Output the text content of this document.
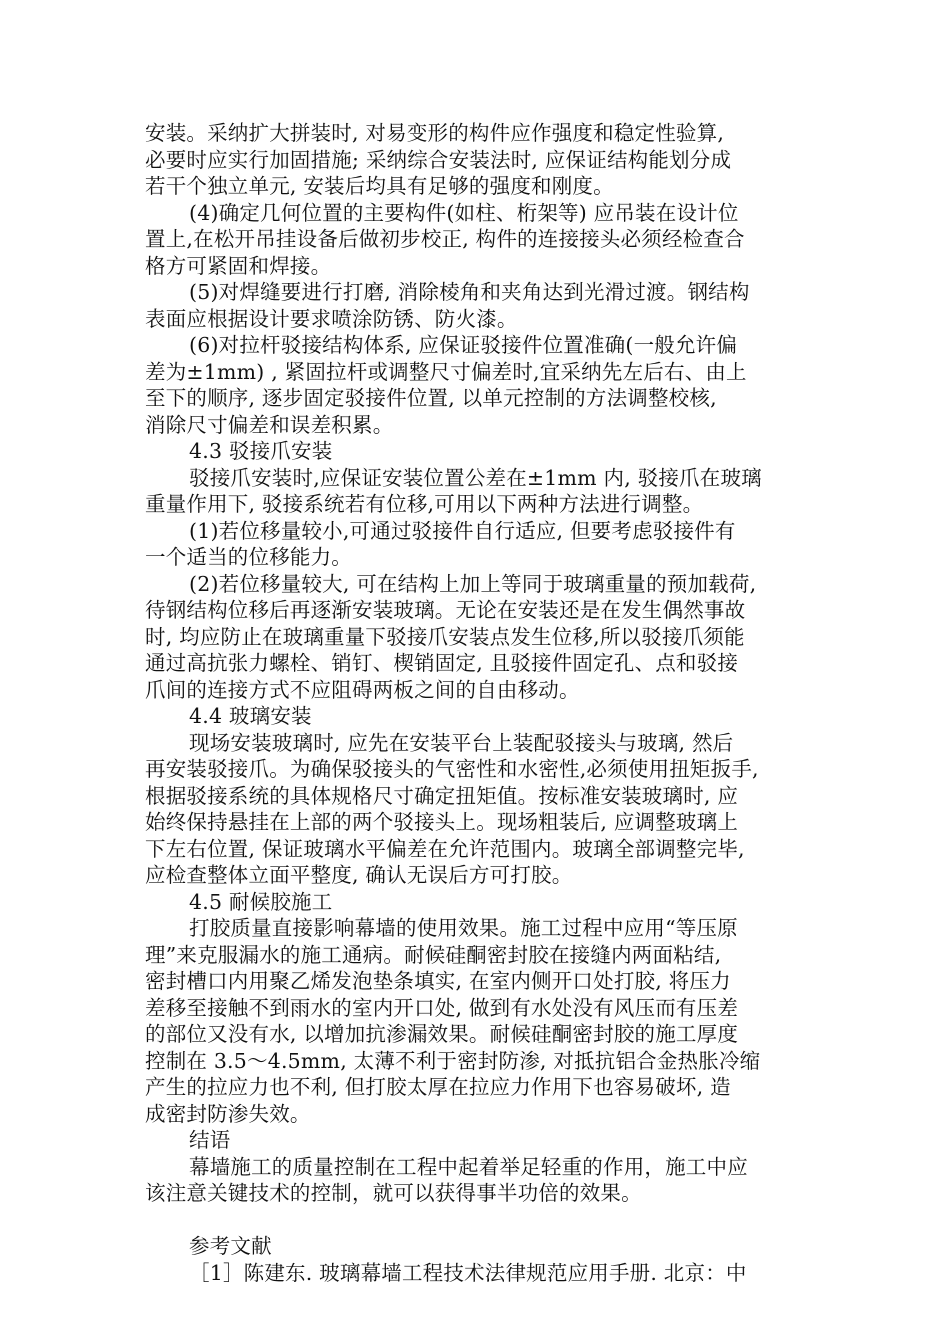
安装。采纳扩大拼装时, 对易变形的构件应作强度和稳定性验算,
必要时应实行加固措施; 采纳综合安装法时, 应保证结构能划分成
若干个独立单元, 安装后均具有足够的强度和刚度。
(4)确定几何位置的主要构件(如柱、桁架等) 应吊装在设计位
置上,在松开吊挂设备后做初步校正, 构件的连接接头必须经检查合
格方可紧固和焊接。
(5)对焊缝要进行打磨, 消除棱角和夹角达到光滑过渡。钢结构
表面应根据设计要求喷涂防锈、防火漆。
(6)对拉杆驳接结构体系, 应保证驳接件位置准确(一般允许偏
差为±1mm) , 紧固拉杆或调整尺寸偏差时,宜采纳先左后右、由上
至下的顺序, 逐步固定驳接件位置, 以单元控制的方法调整校核,
消除尺寸偏差和误差积累。
4.3 驳接爪安装
驳接爪安装时,应保证安装位置公差在±1mm 内, 驳接爪在玻璃
重量作用下, 驳接系统若有位移,可用以下两种方法进行调整。
(1)若位移量较小,可通过驳接件自行适应, 但要考虑驳接件有
一个适当的位移能力。
(2)若位移量较大, 可在结构上加上等同于玻璃重量的预加载荷,
待钢结构位移后再逐渐安装玻璃。无论在安装还是在发生偶然事故
时, 均应防止在玻璃重量下驳接爪安装点发生位移,所以驳接爪须能
通过高抗张力螺栓、销钉、楔销固定, 且驳接件固定孔、点和驳接
爪间的连接方式不应阻碍两板之间的自由移动。
4.4 玻璃安装
现场安装玻璃时, 应先在安装平台上装配驳接头与玻璃, 然后
再安装驳接爪。为确保驳接头的气密性和水密性,必须使用扭矩扳手,
根据驳接系统的具体规格尺寸确定扭矩值。按标准安装玻璃时, 应
始终保持悬挂在上部的两个驳接头上。现场粗装后, 应调整玻璃上
下左右位置, 保证玻璃水平偏差在允许范围内。玻璃全部调整完毕,
应检查整体立面平整度, 确认无误后方可打胶。
4.5 耐候胶施工
打胶质量直接影响幕墙的使用效果。施工过程中应用“等压原
理”来克服漏水的施工通病。耐候硅酮密封胶在接缝内两面粘结,
密封槽口内用聚乙烯发泡垫条填实, 在室内侧开口处打胶, 将压力
差移至接触不到雨水的室内开口处, 做到有水处没有风压而有压差
的部位又没有水, 以增加抗渗漏效果。耐候硅酮密封胶的施工厚度
控制在 3.5～4.5mm, 太薄不利于密封防渗, 对抵抗铝合金热胀冷缩
产生的拉应力也不利, 但打胶太厚在拉应力作用下也容易破坏, 造
成密封防渗失效。
结语
幕墙施工的质量控制在工程中起着举足轻重的作用，施工中应
该注意关键技术的控制，就可以获得事半功倍的效果。
参考文献
［1］陈建东. 玻璃幕墙工程技术法律规范应用手册. 北京：中
